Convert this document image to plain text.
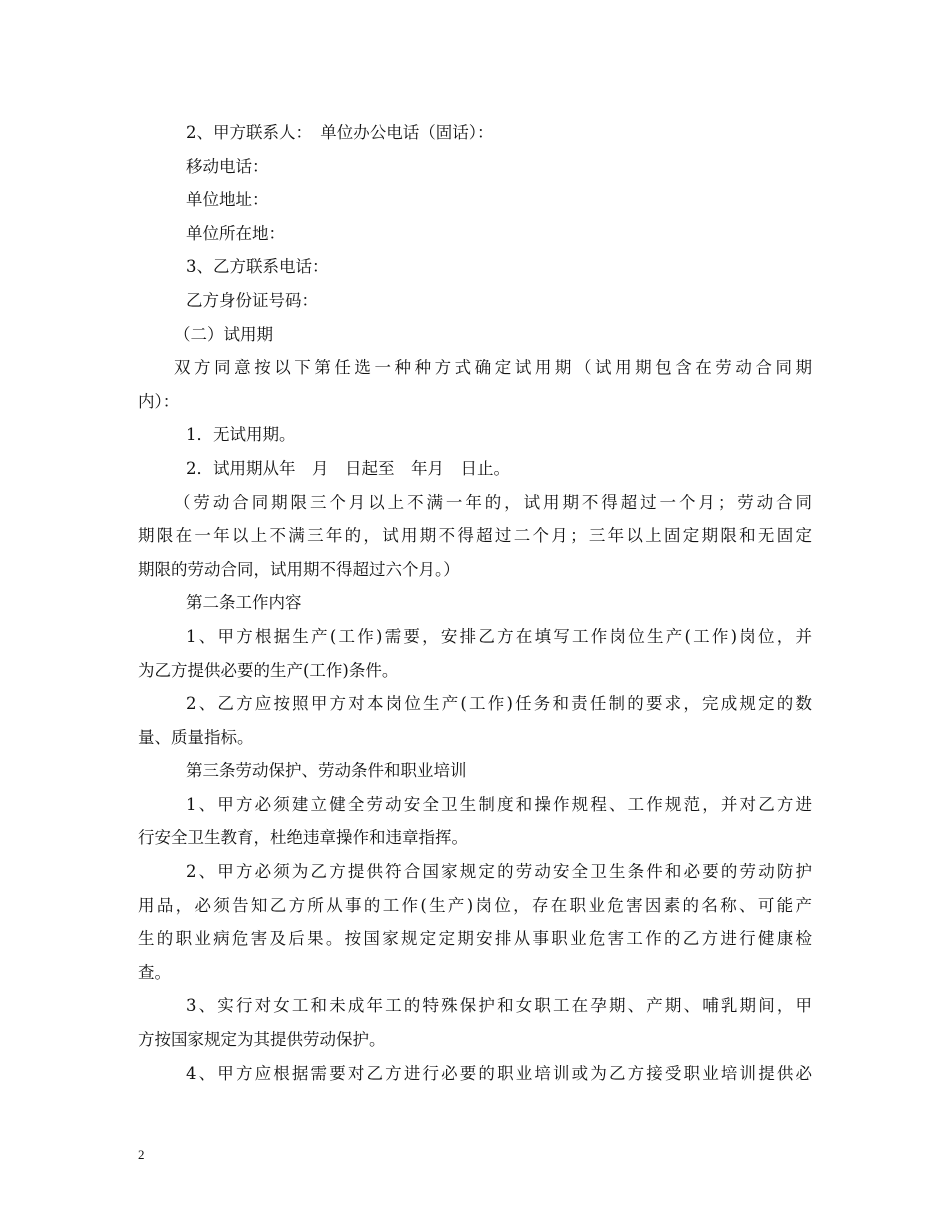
2、甲方联系人：　单位办公电话（固话）：
移动电话：
单位地址：
单位所在地：
3、乙方联系电话：
乙方身份证号码：
（二）试用期
双方同意按以下第任选一种种方式确定试用期（试用期包含在劳动合同期
内）：
1．无试用期。
2．试用期从年　月　日起至　年月　日止。
（劳动合同期限三个月以上不满一年的，试用期不得超过一个月；劳动合同
期限在一年以上不满三年的，试用期不得超过二个月；三年以上固定期限和无固定
期限的劳动合同，试用期不得超过六个月。）
第二条工作内容
1、甲方根据生产(工作)需要，安排乙方在填写工作岗位生产(工作)岗位，并
为乙方提供必要的生产(工作)条件。
2、乙方应按照甲方对本岗位生产(工作)任务和责任制的要求，完成规定的数
量、质量指标。
第三条劳动保护、劳动条件和职业培训
1、甲方必须建立健全劳动安全卫生制度和操作规程、工作规范，并对乙方进
行安全卫生教育，杜绝违章操作和违章指挥。
2、甲方必须为乙方提供符合国家规定的劳动安全卫生条件和必要的劳动防护
用品，必须告知乙方所从事的工作(生产)岗位，存在职业危害因素的名称、可能产
生的职业病危害及后果。按国家规定定期安排从事职业危害工作的乙方进行健康检
查。
3、实行对女工和未成年工的特殊保护和女职工在孕期、产期、哺乳期间，甲
方按国家规定为其提供劳动保护。
4、甲方应根据需要对乙方进行必要的职业培训或为乙方接受职业培训提供必
2
